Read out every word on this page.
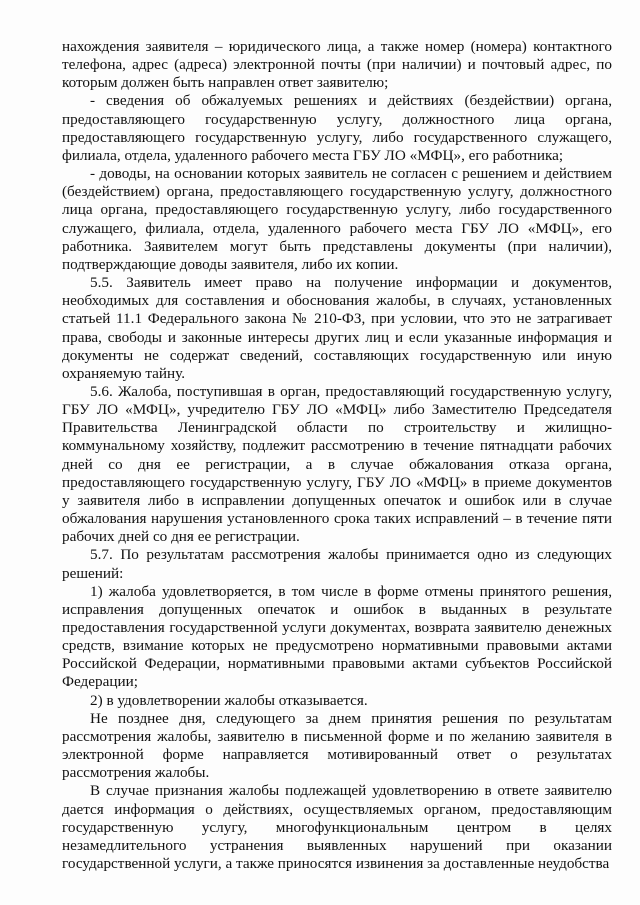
нахождения заявителя – юридического лица, а также номер (номера) контактного телефона, адрес (адреса) электронной почты (при наличии) и почтовый адрес, по которым должен быть направлен ответ заявителю;

- сведения об обжалуемых решениях и действиях (бездействии) органа, предоставляющего государственную услугу, должностного лица органа, предоставляющего государственную услугу, либо государственного служащего, филиала, отдела, удаленного рабочего места ГБУ ЛО «МФЦ», его работника;

- доводы, на основании которых заявитель не согласен с решением и действием (бездействием) органа, предоставляющего государственную услугу, должностного лица органа, предоставляющего государственную услугу, либо государственного служащего, филиала, отдела, удаленного рабочего места ГБУ ЛО «МФЦ», его работника. Заявителем могут быть представлены документы (при наличии), подтверждающие доводы заявителя, либо их копии.

5.5. Заявитель имеет право на получение информации и документов, необходимых для составления и обоснования жалобы, в случаях, установленных статьей 11.1 Федерального закона № 210-ФЗ, при условии, что это не затрагивает права, свободы и законные интересы других лиц и если указанные информация и документы не содержат сведений, составляющих государственную или иную охраняемую тайну.

5.6. Жалоба, поступившая в орган, предоставляющий государственную услугу, ГБУ ЛО «МФЦ», учредителю ГБУ ЛО «МФЦ» либо Заместителю Председателя Правительства Ленинградской области по строительству и жилищно-коммунальному хозяйству, подлежит рассмотрению в течение пятнадцати рабочих дней со дня ее регистрации, а в случае обжалования отказа органа, предоставляющего государственную услугу, ГБУ ЛО «МФЦ» в приеме документов у заявителя либо в исправлении допущенных опечаток и ошибок или в случае обжалования нарушения установленного срока таких исправлений – в течение пяти рабочих дней со дня ее регистрации.

5.7. По результатам рассмотрения жалобы принимается одно из следующих решений:

1) жалоба удовлетворяется, в том числе в форме отмены принятого решения, исправления допущенных опечаток и ошибок в выданных в результате предоставления государственной услуги документах, возврата заявителю денежных средств, взимание которых не предусмотрено нормативными правовыми актами Российской Федерации, нормативными правовыми актами субъектов Российской Федерации;

2) в удовлетворении жалобы отказывается.

Не позднее дня, следующего за днем принятия решения по результатам рассмотрения жалобы, заявителю в письменной форме и по желанию заявителя в электронной форме направляется мотивированный ответ о результатах рассмотрения жалобы.

В случае признания жалобы подлежащей удовлетворению в ответе заявителю дается информация о действиях, осуществляемых органом, предоставляющим государственную услугу, многофункциональным центром в целях незамедлительного устранения выявленных нарушений при оказании государственной услуги, а также приносятся извинения за доставленные неудобства
